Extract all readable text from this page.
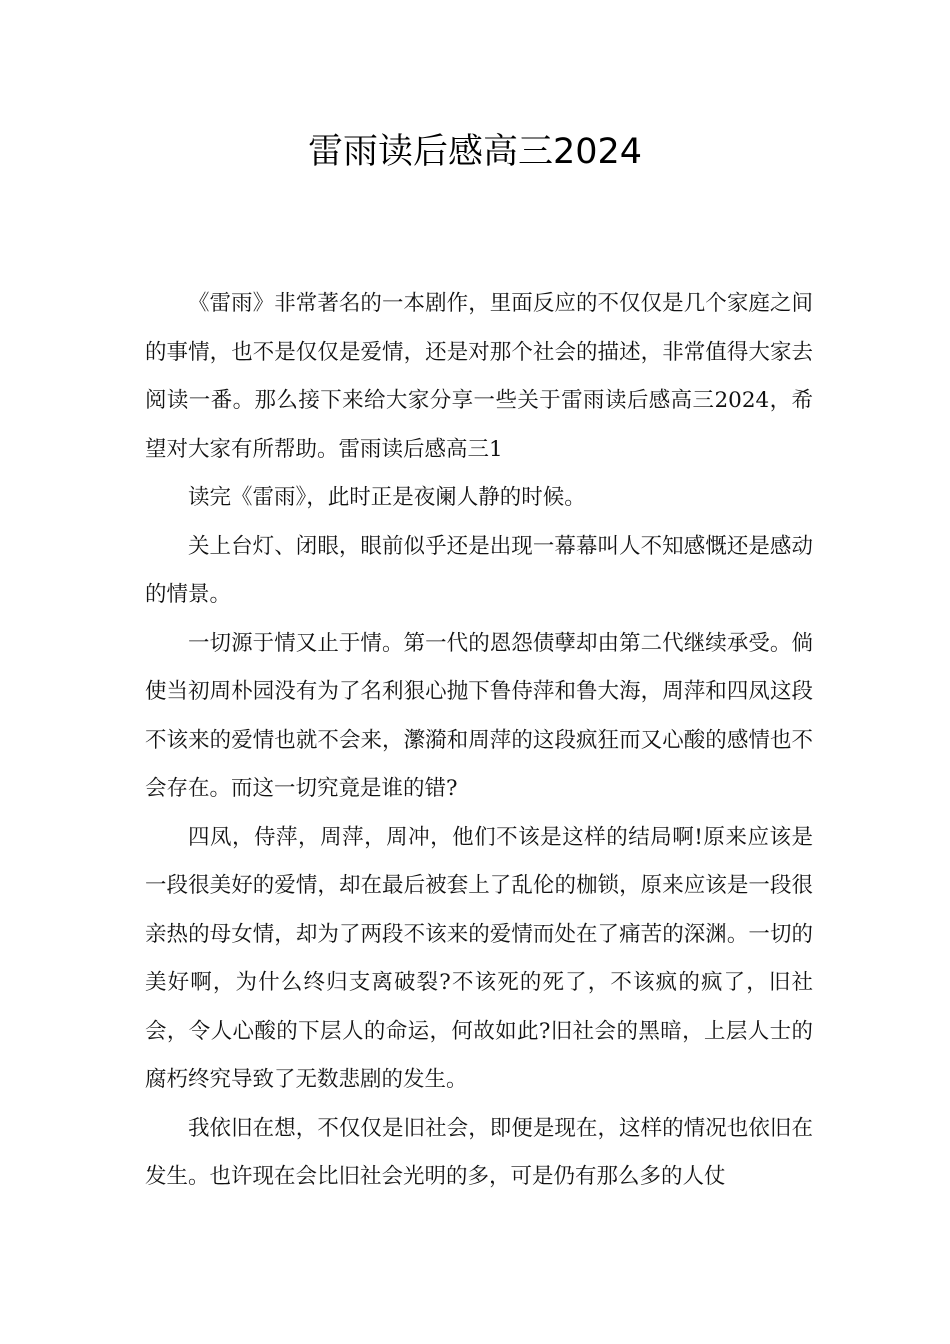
雷雨读后感高三2024

《雷雨》非常著名的一本剧作，里面反应的不仅仅是几个家庭之间的事情，也不是仅仅是爱情，还是对那个社会的描述，非常值得大家去阅读一番。那么接下来给大家分享一些关于雷雨读后感高三2024，希望对大家有所帮助。雷雨读后感高三1

读完《雷雨》，此时正是夜阑人静的时候。

关上台灯、闭眼，眼前似乎还是出现一幕幕叫人不知感慨还是感动的情景。

一切源于情又止于情。第一代的恩怨债孽却由第二代继续承受。倘使当初周朴园没有为了名利狠心抛下鲁侍萍和鲁大海，周萍和四凤这段不该来的爱情也就不会来，瀿漪和周萍的这段疯狂而又心酸的感情也不会存在。而这一切究竟是谁的错?

四凤，侍萍，周萍，周冲，他们不该是这样的结局啊!原来应该是一段很美好的爱情，却在最后被套上了乱伦的枷锁，原来应该是一段很亲热的母女情，却为了两段不该来的爱情而处在了痛苦的深渊。一切的美好啊，为什么终归支离破裂?不该死的死了，不该疯的疯了，旧社会，令人心酸的下层人的命运，何故如此?旧社会的黑暗，上层人士的腐朽终究导致了无数悲剧的发生。

我依旧在想，不仅仅是旧社会，即便是现在，这样的情况也依旧在发生。也许现在会比旧社会光明的多，可是仍有那么多的人仗
